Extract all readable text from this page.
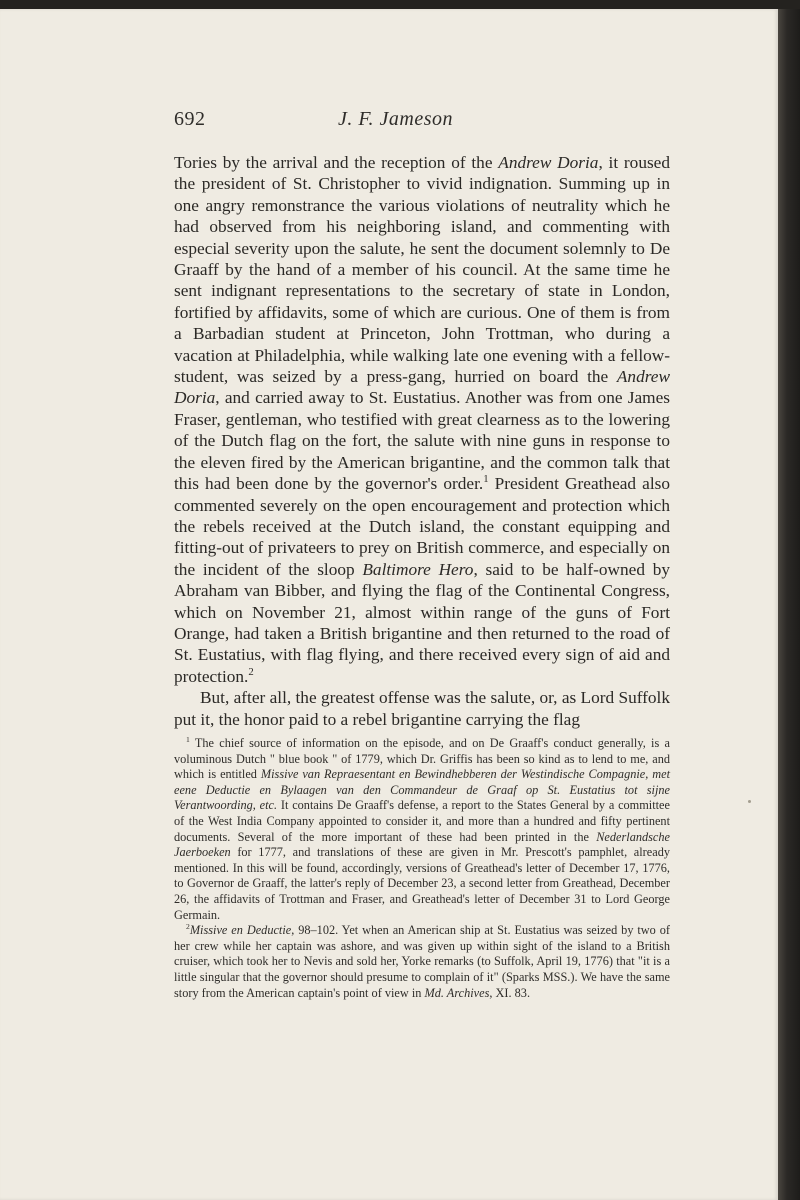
692	J. F. Jameson

Tories by the arrival and the reception of the Andrew Doria, it roused the president of St. Christopher to vivid indignation. Summing up in one angry remonstrance the various violations of neutrality which he had observed from his neighboring island, and commenting with especial severity upon the salute, he sent the document solemnly to De Graaff by the hand of a member of his council. At the same time he sent indignant representations to the secretary of state in London, fortified by affidavits, some of which are curious. One of them is from a Barbadian student at Princeton, John Trottman, who during a vacation at Philadelphia, while walking late one evening with a fellow-student, was seized by a press-gang, hurried on board the Andrew Doria, and carried away to St. Eustatius. Another was from one James Fraser, gentleman, who testified with great clearness as to the lowering of the Dutch flag on the fort, the salute with nine guns in response to the eleven fired by the American brigantine, and the common talk that this had been done by the governor's order.$^1$ President Greathead also commented severely on the open encouragement and protection which the rebels received at the Dutch island, the constant equipping and fitting-out of privateers to prey on British commerce, and especially on the incident of the sloop Baltimore Hero, said to be half-owned by Abraham van Bibber, and flying the flag of the Continental Congress, which on November 21, almost within range of the guns of Fort Orange, had taken a British brigantine and then returned to the road of St. Eustatius, with flag flying, and there received every sign of aid and protection.$^2$

But, after all, the greatest offense was the salute, or, as Lord Suffolk put it, the honor paid to a rebel brigantine carrying the flag

$^1$ The chief source of information on the episode, and on De Graaff's conduct generally, is a voluminous Dutch " blue book " of 1779, which Dr. Griffis has been so kind as to lend to me, and which is entitled Missive van Repraesentant en Bewindhebberen der Westindische Compagnie, met eene Deductie en Bylaagen van den Commandeur de Graaf op St. Eustatius tot sijne Verantwoording, etc. It contains De Graaff's defense, a report to the States General by a committee of the West India Company appointed to consider it, and more than a hundred and fifty pertinent documents. Several of the more important of these had been printed in the Nederlandsche Jaerboeken for 1777, and translations of these are given in Mr. Prescott's pamphlet, already mentioned. In this will be found, accordingly, versions of Greathead's letter of December 17, 1776, to Governor de Graaff, the latter's reply of December 23, a second letter from Greathead, December 26, the affidavits of Trottman and Fraser, and Greathead's letter of December 31 to Lord George Germain.

$^2$Missive en Deductie, 98–102. Yet when an American ship at St. Eustatius was seized by two of her crew while her captain was ashore, and was given up within sight of the island to a British cruiser, which took her to Nevis and sold her, Yorke remarks (to Suffolk, April 19, 1776) that "it is a little singular that the governor should presume to complain of it" (Sparks MSS.). We have the same story from the American captain's point of view in Md. Archives, XI. 83.
